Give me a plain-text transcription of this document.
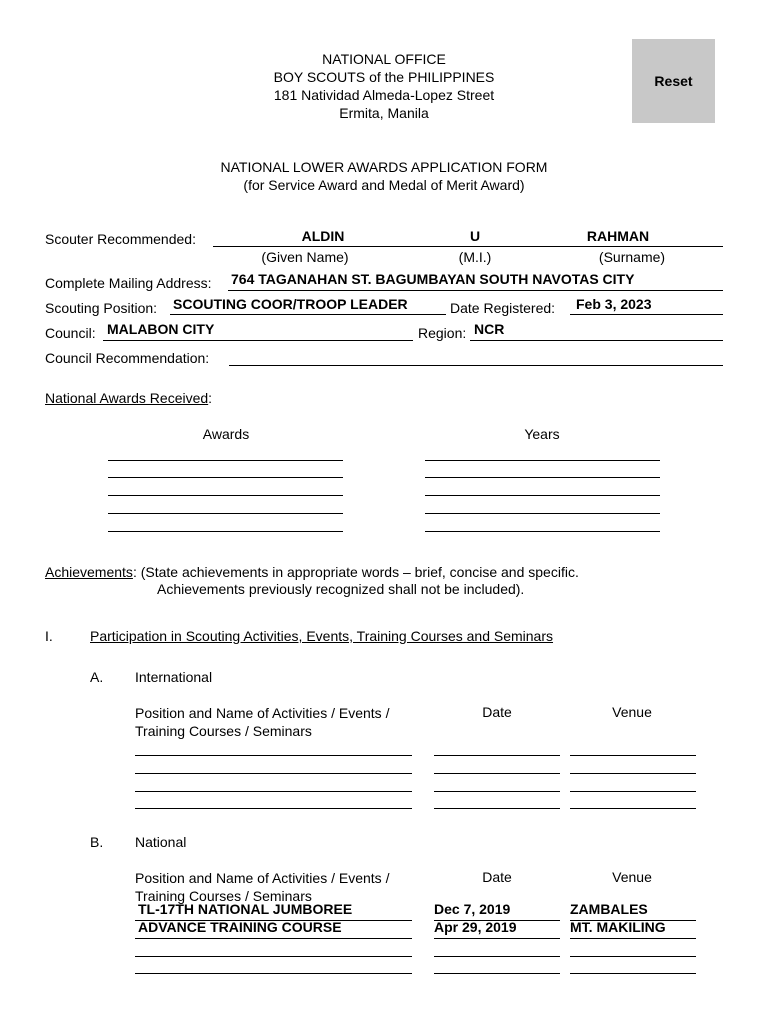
NATIONAL OFFICE
BOY SCOUTS of the PHILIPPINES
181 Natividad Almeda-Lopez Street
Ermita, Manila
Reset
NATIONAL LOWER AWARDS APPLICATION FORM
(for Service Award and Medal of Merit Award)
Scouter Recommended:	ALDIN	U	RAHMAN
(Given Name)	(M.I.)	(Surname)
Complete Mailing Address: 764 TAGANAHAN ST. BAGUMBAYAN SOUTH NAVOTAS CITY
Scouting Position: SCOUTING COOR/TROOP LEADER	Date Registered: Feb 3, 2023
Council: MALABON CITY	Region: NCR
Council Recommendation:
National Awards Received:
Awards	Years
Achievements: (State achievements in appropriate words – brief, concise and specific.
Achievements previously recognized shall not be included).
I.	Participation in Scouting Activities, Events, Training Courses and Seminars
A. International
Position and Name of Activities / Events /
Training Courses / Seminars
Date	Venue
B. National
Position and Name of Activities / Events /
Training Courses / Seminars
Date	Venue
TL-17TH NATIONAL JUMBOREE	Dec 7, 2019	ZAMBALES
ADVANCE TRAINING COURSE	Apr 29, 2019	MT. MAKILING
